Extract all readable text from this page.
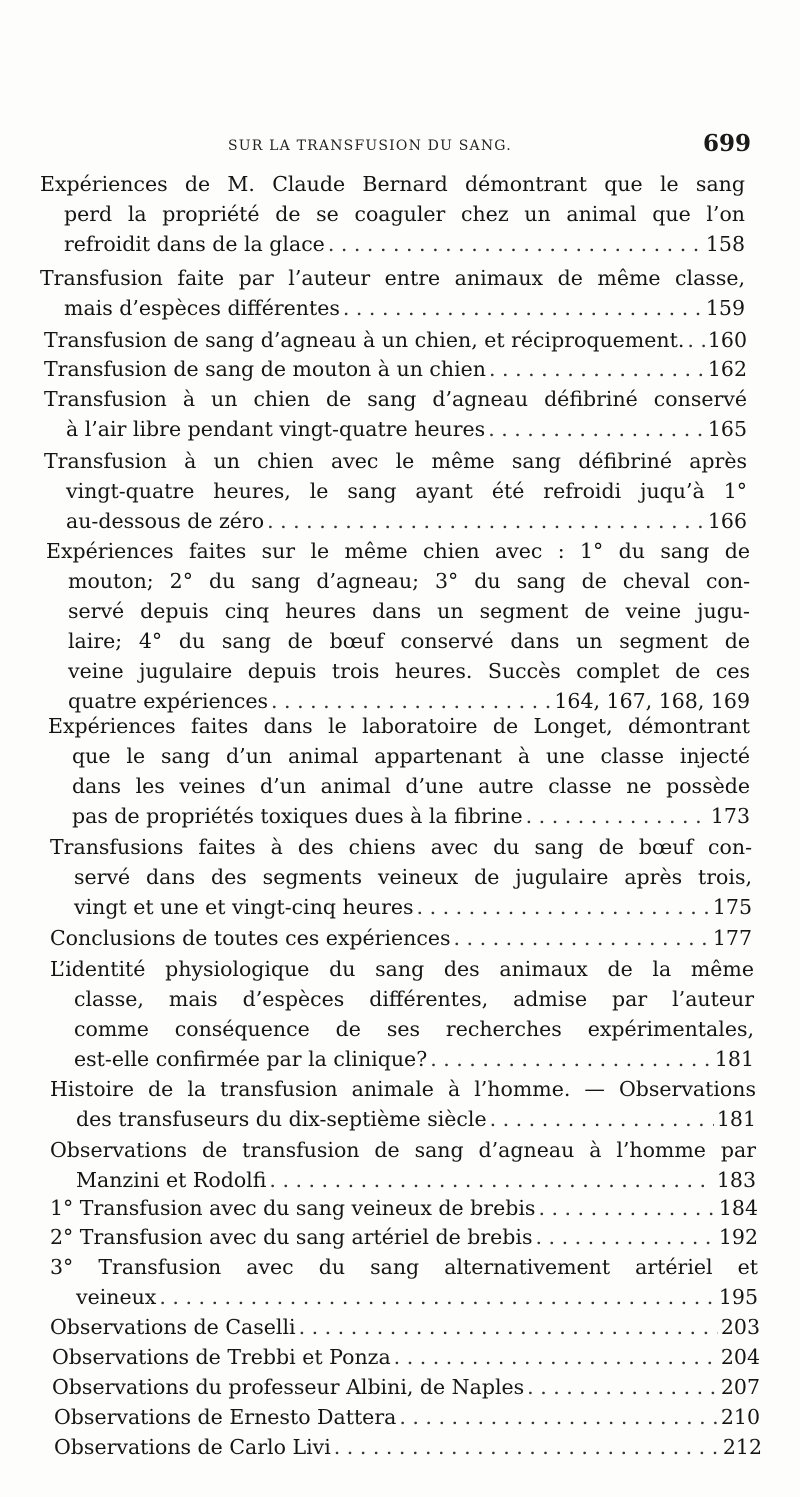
SUR LA TRANSFUSION DU SANG.	699
Expériences de M. Claude Bernard démontrant que le sang
perd la propriété de se coaguler chez un animal que l’on
refroidit dans de la glace . . .	158
Transfusion faite par l’auteur entre animaux de même classe,
mais d’espèces différentes . . .	159
Transfusion de sang d’agneau à un chien, et réciproquement. . . . 160
Transfusion de sang de mouton à un chien . . .	162
Transfusion à un chien de sang d’agneau défibriné conservé
à l’air libre pendant vingt-quatre heures . . .	165
Transfusion à un chien avec le même sang défibriné après
vingt-quatre heures, le sang ayant été refroidi juqu’à 1°
au-dessous de zéro . . .	166
Expériences faites sur le même chien avec : 1° du sang de
mouton; 2° du sang d’agneau; 3° du sang de cheval con-
servé depuis cinq heures dans un segment de veine jugu-
laire; 4° du sang de bœuf conservé dans un segment de
veine jugulaire depuis trois heures. Succès complet de ces
quatre expériences . . .	164, 167, 168, 169
Expériences faites dans le laboratoire de Longet, démontrant
que le sang d’un animal appartenant à une classe injecté
dans les veines d’un animal d’une autre classe ne possède
pas de propriétés toxiques dues à la fibrine . . .	173
Transfusions faites à des chiens avec du sang de bœuf con-
servé dans des segments veineux de jugulaire après trois,
vingt et une et vingt-cinq heures . . .	175
Conclusions de toutes ces expériences . . .	177
L’identité physiologique du sang des animaux de la même
classe, mais d’espèces différentes, admise par l’auteur
comme conséquence de ses recherches expérimentales,
est-elle confirmée par la clinique? . . .	181
Histoire de la transfusion animale à l’homme. — Observations
des transfuseurs du dix-septième siècle . . .	181
Observations de transfusion de sang d’agneau à l’homme par
Manzini et Rodolfi . . .	183
1° Transfusion avec du sang veineux de brebis . . .	184
2° Transfusion avec du sang artériel de brebis . . .	192
3° Transfusion avec du sang alternativement artériel et
veineux . . .	195
Observations de Caselli . . .	203
Observations de Trebbi et Ponza . . .	204
Observations du professeur Albini, de Naples . . .	207
Observations de Ernesto Dattera . . .	210
Observations de Carlo Livi . . .	212
